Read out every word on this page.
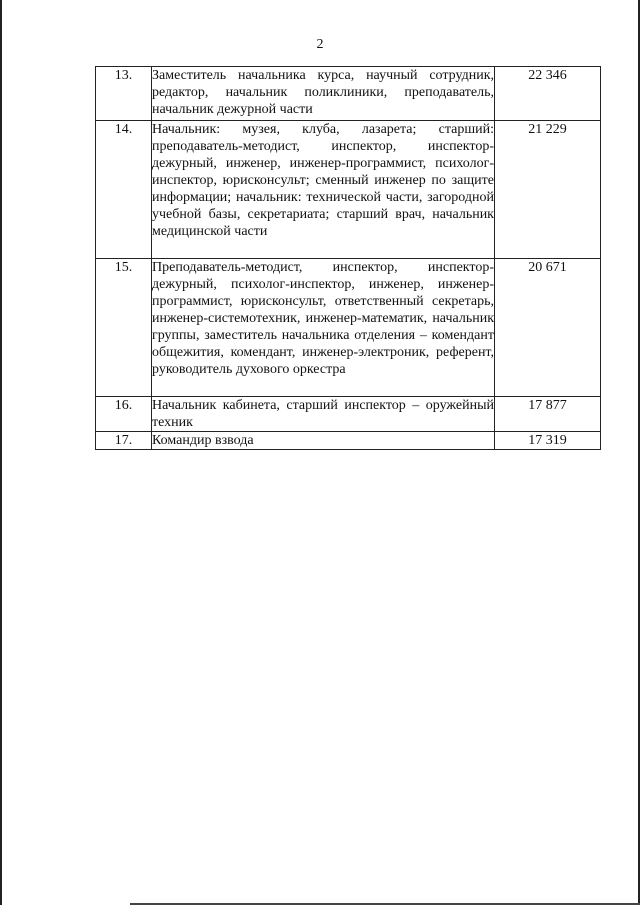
2
13.	Заместитель начальника курса, научный сотрудник, редактор, начальник поликлиники, преподаватель, начальник дежурной части	22 346
14.	Начальник: музея, клуба, лазарета; старший: преподаватель-методист, инспектор, инспектор-дежурный, инженер, инженер-программист, психолог-инспектор, юрисконсульт; сменный инженер по защите информации; начальник: технической части, загородной учебной базы, секретариата; старший врач, начальник медицинской части	21 229
15.	Преподаватель-методист, инспектор, инспектор-дежурный, психолог-инспектор, инженер, инженер-программист, юрисконсульт, ответственный секретарь, инженер-системотехник, инженер-математик, начальник группы, заместитель начальника отделения – комендант общежития, комендант, инженер-электроник, референт, руководитель духового оркестра	20 671
16.	Начальник кабинета, старший инспектор – оружейный техник	17 877
17.	Командир взвода	17 319
